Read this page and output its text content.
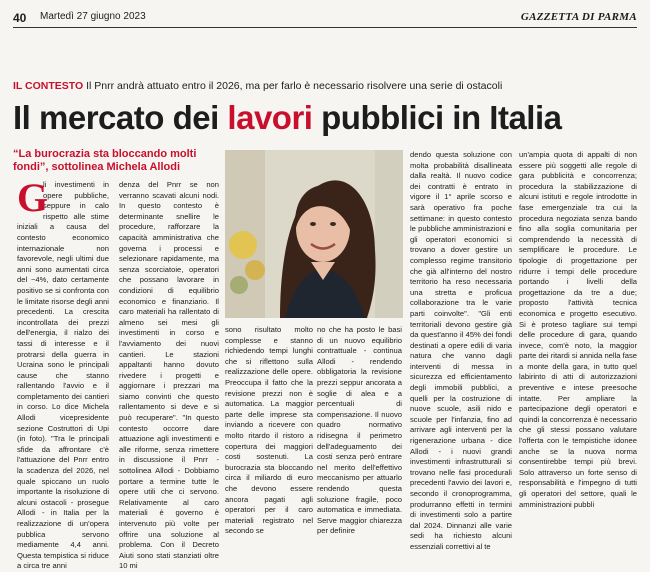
40 Martedì 27 giugno 2023	GAZZETTA DI PARMA
IL CONTESTO Il Pnrr andrà attuato entro il 2026, ma per farlo è necessario risolvere una serie di ostacoli
Il mercato dei lavori pubblici in Italia
“La burocrazia sta bloccando molti fondi”, sottolinea Michela Allodi
G
li investimenti in opere pubbliche, seppure in calo rispetto alle stime iniziali a causa del contesto economico internazionale non favorevole, negli ultimi due anni sono aumentati circa del ~4%, dato certamente positivo se si confronta con le limitate risorse degli anni precedenti. La crescita incontrollata dei prezzi dell'energia, il rialzo dei tassi di interesse e il protrarsi della guerra in Ucraina sono le principali cause che stanno rallentando l'avvio e il completamento dei cantieri in corso. Lo dice Michela Allodi vicepresidente sezione Costruttori di Upi (in foto). "Tra le principali sfide da affrontare c'è l'attuazione del Pnrr entro la scadenza del 2026, nel quale spiccano un ruolo importante la risoluzione di alcuni ostacoli - prosegue Allodi - in Italia per la realizzazione di un'opera pubblica servono mediamente 4,4 anni. Questa tempistica si riduce a circa tre anni
denza del Pnrr se non verranno scavati alcuni nodi. In questo contesto è determinante snellire le procedure, rafforzare la capacità amministrativa che governa i processi e selezionare rapidamente, ma senza scorciatoie, operatori che possano lavorare in condizioni di equilibrio economico e finanziario. Il caro materiali ha rallentato di almeno sei mesi gli investimenti in corso e l'avviamento dei nuovi cantieri. Le stazioni appaltanti hanno dovuto rivedere i progetti e aggiornare i prezzari ma siamo convinti che questo rallentamento si deve e si può recuperare". "In questo contesto occorre dare attuazione agli investimenti e alle riforme, senza rimettere in discussione il Pnrr - sottolinea Allodi - Dobbiamo portare a termine tutte le opere utili che ci servono. Relativamente al caro materiali è governo è intervenuto più volte per offrire una soluzione al problema. Con il Decreto Aiuti sono stati stanziati oltre 10 mi
sono risultato molto complesse e stanno richiedendo tempi lunghi che si riflettono sulla realizzazione delle opere. Preoccupa il fatto che la revisione prezzi non è automatica. La maggior parte delle imprese sta inviando a ricevere con molto ritardo il ristoro a copertura dei maggiori costi sostenuti. La burocrazia sta bloccando circa il miliardo di euro che devono essere ancora pagati agli operatori per il caro materiali registrato nel secondo se
no che ha posto le basi di un nuovo equilibrio contrattuale - continua Allodi - rendendo obbligatoria la revisione prezzi seppur ancorata a soglie di alea e a percentuali di compensazione. Il nuovo quadro normativo ridisegna il perimetro dell'adeguamento dei costi senza però entrare nel merito dell'effettivo meccanismo per attuarlo rendendo questa soluzione fragile, poco automatica e immediata. Serve maggior chiarezza per definire
dendo questa soluzione con molta probabilità disallineata dalla realtà. Il nuovo codice dei contratti è entrato in vigore il 1° aprile scorso e sarà operativo fra poche settimane: in questo contesto le pubbliche amministrazioni e gli operatori economici si trovano a dover gestire un complesso regime transitorio che già all'interno del nostro territorio ha reso necessaria una stretta e proficua collaborazione tra le varie parti coinvolte". "Gli enti territoriali devono gestire già da quest'anno il 45% dei fondi destinati a opere edili di varia natura che vanno dagli interventi di messa in sicurezza ed efficientamento degli immobili pubblici, a quelli per la costruzione di nuove scuole, asili nido e scuole per l'infanzia, fino ad arrivare agli interventi per la rigenerazione urbana - dice Allodi - i nuovi grandi investimenti infrastrutturali si trovano nelle fasi procedurali precedenti l'avvio dei lavori e, secondo il cronoprogramma, produrranno effetti in termini di investimenti solo a partire dal 2024. Dinnanzi alle varie sedi ha richiesto alcuni essenziali correttivi al te
un'ampia quota di appalti di non essere più soggetti alle regole di gara pubblicità e concorrenza; procedura la stabilizzazione di alcuni istituti e regole introdotte in fase emergenziale tra cui la procedura negoziata senza bando fino alla soglia comunitaria per comprendendo la necessità di semplificare le procedure. Le tipologie di progettazione per ridurre i tempi delle procedure portando i livelli della progettazione da tre a due; proposto l'attività tecnica economica e progetto esecutivo. Si è proteso tagliare sui tempi delle procedure di gara, quando invece, com'è noto, la maggior parte dei ritardi si annida nella fase a monte della gara, in tutto quel labirinto di atti di autorizzazioni preventive e intese preesoche intatte. Per ampliare la partecipazione degli operatori e quindi la concorrenza è necessario che gli stessi possano valutare l'offerta con le tempistiche idonee anche se la nuova norma consentirebbe tempi più brevi. Solo attraverso un forte senso di responsabilità e l'impegno di tutti gli operatori del settore, quali le amministrazioni pubbli
